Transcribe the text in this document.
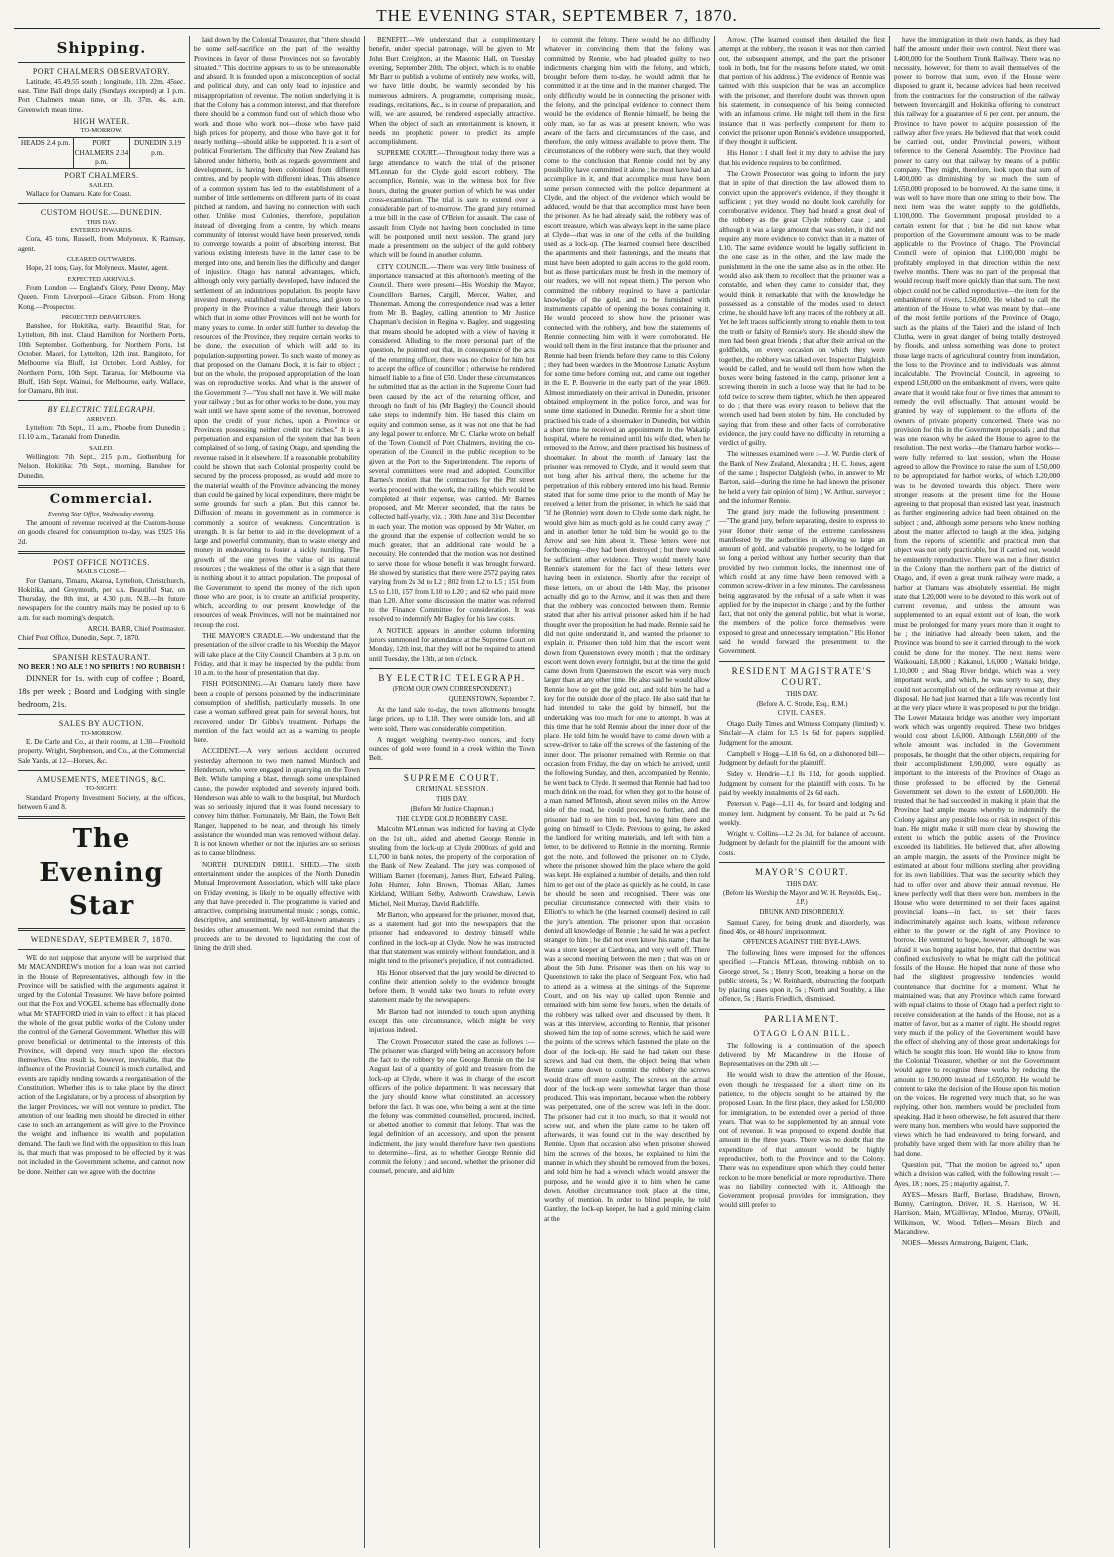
THE EVENING STAR, SEPTEMBER 7, 1870.
Shipping.
PORT CHALMERS OBSERVATORY.

Latitude, 45.49.55 south ; longitude, 11h. 22m. 45sec. east. Time Ball drops daily (Sundays excepted) at 1 p.m. Port Chalmers mean time, or 1h. 37m. 4s. a.m. Greenwich mean time.

HIGH WATER.
TO-MORROW.
HEADS 2.4 p.m.	PORT CHALMERS 2.34 p.m.
DUNEDIN 3.19 p.m.
PORT CHALMERS.
SAILED.

Wallace for Oamaru. Kate for Coast.

CUSTOM HOUSE.—DUNEDIN.
THIS DAY.
ENTERED INWARDS.

Cora, 45 tons, Russell, from Molyneux. K Ramsay, agent.

CLEARED OUTWARDS.

Hope, 21 tons, Gay, for Molyneux. Master, agent.

EXPECTED ARRIVALS.

From London — England's Glory, Peter Denny, May Queen. From Liverpool—Grace Gibson. From Hong Kong.—Prospector.

PROJECTED DEPARTURES.

Banshee, for Hokitika, early. Beautiful Star, for Lyttelton, 8th inst. Claud Hamilton for Northern Ports, 10th September. Gothenburg, for Northern Ports, 1st October. Maori, for Lyttelton, 12th inst. Rangitoto, for Melbourne via Bluff, 1st October. Lord Ashley, for Northern Ports, 10th Sept. Tararua, for Melbourne via Bluff, 16th Sept. Wainui, for Melbourne, early. Wallace, for Oamaru, 8th inst.

BY ELECTRIC TELEGRAPH.
ARRIVED.

Lyttelton: 7th Sept., 11 a.m., Phoebe from Dunedin ; 11.10 a.m., Taranaki from Dunedin.

SAILED.

Wellington: 7th Sept., 215 p.m., Gothenburg for Nelson. Hokitika: 7th Sept., morning, Banshee for Dunedin.

Commercial.
Evening Star Office, Wednesday evening.

The amount of revenue received at the Custom-house on goods cleared for consumption to-day, was £925 16s 2d.

POST OFFICE NOTICES.
MAILS CLOSE—

For Oamaru, Timaru, Akaroa, Lyttelton, Christchurch, Hokitika, and Greymouth, per s.s. Beautiful Star, on Thursday, the 8th inst, at 4.30 p.m. N.B.—In future newspapers for the country mails may be posted up to 6 a.m. for each morning's despatch.

ARCH. BARR, Chief Postmaster.
Chief Post Office, Dunedin, Sept. 7, 1870.
SPANISH RESTAURANT.
NO BEER ! NO ALE ! NO SPIRITS ! NO RUBBISH !

DINNER for 1s. with cup of coffee ; Board, 18s per week ; Board and Lodging with single bedroom, 21s.

SALES BY AUCTION.
TO-MORROW.

E. De Carle and Co., at their rooms, at 1.30—Freehold property. Wright, Stephenson, and Co., at the Commercial Sale Yards, at 12—Horses, &c.

AMUSEMENTS, MEETINGS, &C.
TO-NIGHT.

Standard Property Investment Society, at the offices, between 6 and 8.

The Evening Star
WEDNESDAY, SEPTEMBER 7, 1870.

WE do not suppose that anyone will be surprised that Mr MACANDREW's motion for a loan was not carried in the House of Representatives, although few in the Province will be satisfied with the arguments against it urged by the Colonial Treasurer. We have before pointed out that the Fox and VOGEL scheme has effectually done what Mr STAFFORD tried in vain to effect : it has placed the whole of the great public works of the Colony under the control of the General Government. Whether this will prove beneficial or detrimental to the interests of this Province, will depend very much upon the electors themselves. One result is, however, inevitable, that the influence of the Provincial Council is much curtailed, and events are rapidly tending towards a reorganisation of the Constitution. Whether this is to take place by the direct action of the Legislature, or by a process of absorption by the larger Provinces, we will not venture to predict. The attention of our leading men should be directed in either case to such an arrangement as will give to the Province the weight and influence its wealth and population demand. The fault we find with the opposition to this loan is, that much that was proposed to be effected by it was not included in the Government scheme, and cannot now be done. Neither can we agree with the doctrine

laid down by the Colonial Treasurer, that "there should be some self-sacrifice on the part of the wealthy Provinces in favor of those Provinces not so favorably situated." This doctrine appears to us to be unreasonable and absurd. It is founded upon a misconception of social and political duty, and can only lead to injustice and misappropriation of revenue. The notion underlying it is that the Colony has a common interest, and that therefore there should be a common fund out of which those who work and those who work not—those who have paid high prices for property, and those who have got it for nearly nothing—should alike be supported. It is a sort of political Fourierism. The difficulty that New Zealand has labored under hitherto, both as regards government and development, is having been colonised from different centres, and by people with different ideas. This absence of a common system has led to the establishment of a number of little settlements on different parts of its coast pitched at random, and having no connection with each other. Unlike most Colonies, therefore, population instead of diverging from a centre, by which means community of interest would have been preserved, tends to converge towards a point of absorbing interest. But various existing interests have in the latter case to be merged into one, and herein lies the difficulty and danger of injustice. Otago has natural advantages, which, although only very partially developed, have induced the settlement of an industrious population. Its people have invested money, established manufactures, and given to property in the Province a value through their labors which that in some other Provinces will not be worth for many years to come. In order still further to develop the resources of the Province, they require certain works to be done, the execution of which will add to its population-supporting power. To such waste of money as that proposed on the Oamaru Dock, it is fair to object ; but on the whole, the proposed appropriation of the loan was on reproductive works. And what is the answer of the Government ?—"You shall not have it. We will make your railway ; but as for other works to be done, you may wait until we have spent some of the revenue, borrowed upon the credit of your riches, upon a Province or Provinces possessing neither credit nor riches." It is a perpetuation and expansion of the system that has been complained of so long, of taxing Otago, and spending the revenue raised in it elsewhere. If a reasonable probability could be shown that each Colonial prosperity could be secured by the process proposed, as would add more to the material wealth of the Province advancing the money than could be gained by local expenditure, there might be some grounds for such a plan. But this cannot be. Diffusion of means in government as in commerce is commonly a source of weakness. Concentration is strength. It is far better to aid in the development of a large and powerful community, than to waste energy and money in endeavoring to foster a sickly nursling. The growth of the one proves the value of its natural resources ; the weakness of the other is a sign that there is nothing about it to attract population. The proposal of the Government to spend the money of the rich upon those who are poor, is to create an artificial prosperity, which, according to our present knowledge of the resources of weak Provinces, will not be maintained nor recoup the cost.

THE MAYOR'S CRADLE.—We understand that the presentation of the silver cradle to his Worship the Mayor will take place at the City Council Chambers at 3 p.m. on Friday, and that it may be inspected by the public from 10 a.m. to the hour of presentation that day.

FISH POISONING.—At Oamaru lately there have been a couple of persons poisoned by the indiscriminate consumption of shellfish, particularly mussels. In one case a woman suffered great pain for several hours, but recovered under Dr Gibbs's treatment. Perhaps the mention of the fact would act as a warning to people here.

ACCIDENT.—A very serious accident occurred yesterday afternoon to two men named Murdoch and Henderson, who were engaged in quarrying on the Town Belt. While tamping a blast, through some unexplained cause, the powder exploded and severely injured both. Henderson was able to walk to the hospital, but Murdoch was so seriously injured that it was found necessary to convey him thither. Fortunately, Mr Bain, the Town Belt Ranger, happened to be near, and through his timely assistance the wounded man was removed without delay. It is not known whether or not the injuries are so serious as to cause blindness.

NORTH DUNEDIN DRILL SHED.—The sixth entertainment under the auspices of the North Dunedin Mutual Improvement Association, which will take place on Friday evening, is likely to be equally effective with any that have preceded it. The programme is varied and attractive, comprising instrumental music ; songs, comic, descriptive, and sentimental, by well-known amateurs ; besides other amusement. We need not remind that the proceeds are to be devoted to liquidating the cost of lining the drill shed.

BENEFIT.—We understand that a complimentary benefit, under special patronage, will be given to Mr John Burt Creighton, at the Masonic Hall, on Tuesday evening, September 20th. The object, which is to enable Mr Barr to publish a volume of entirely new works, will, we have little doubt, be warmly seconded by his numerous admirers. A programme, comprising music, readings, recitations, &c., is in course of preparation, and will, we are assured, be rendered especially attractive. When the object of such an entertainment is known, it needs no prophetic power to predict its ample accomplishment.

SUPREME COURT.—Throughout today there was a large attendance to watch the trial of the prisoner M'Lennan for the Clyde gold escort robbery. The accomplice, Rennie, was in the witness box for five hours, during the greater portion of which he was under cross-examination. The trial is sure to extend over a considerable part of to-morrow. The grand jury returned a true bill in the case of O'Brien for assault. The case of assault from Clyde not having been concluded in time will be postponed until next session. The grand jury made a presentment on the subject of the gold robbery which will be found in another column.

CITY COUNCIL.—There was very little business of importance transacted at this afternoon's meeting of the Council. There were present—His Worship the Mayor, Councillors Barnes, Cargill, Mercer, Walter, and Thoneman. Among the correspondence read was a letter from Mr B. Bagley, calling attention to Mr Justice Chapman's decision in Regina v. Bagley, and suggesting that means should be adopted with a view of having it considered. Alluding to the more personal part of the question, he pointed out that, in consequence of the acts of the returning officer, there was no choice for him but to accept the office of councillor ; otherwise he rendered himself liable to a fine of £50. Under these circumstances he submitted that as the action in the Supreme Court had been caused by the act of the returning officer, and through no fault of his (Mr Bagley) the Council should take steps to indemnify him. He based this claim on equity and common sense, as it was not one that he had any legal power to enforce. Mr C. Clarke wrote on behalf of the Town Council of Port Chalmers, inviting the co-operation of the Council in the public reception to be given at the Port to the Superintendent. The reports of several committees were read and adopted. Councillor Barnes's motion that the contractors for the Pitt street works proceed with the work, the railing which would be completed at their expense, was carried. Mr Barnes proposed, and Mr Mercer seconded, that the rates be collected half-yearly, viz. : 30th June and 31st December in each year. The motion was opposed by Mr Walter, on the ground that the expense of collection would be so much greater, that an additional rate would be a necessity. He contended that the motion was not destined to serve those for whose benefit it was brought forward. He showed by statistics that there were 2572 paying rates varying from 2s 3d to L2 ; 802 from L2 to L5 ; 151 from L5 to L10, 157 from L10 to L20 ; and 62 who paid more than L20. After some discussion the matter was referred to the Finance Committee for consideration. It was resolved to indemnify Mr Bagley for his law costs.

A NOTICE appears in another column informing jurors summoned for attendance at the Supreme Court on Monday, 12th inst, that they will not be required to attend until Tuesday, the 13th, at ten o'clock.

BY ELECTRIC TELEGRAPH.
(FROM OUR OWN CORRESPONDENT.)
QUEENSTOWN, September 7.

At the land sale to-day, the town allotments brought large prices, up to L18. They were outside lots, and all were sold. There was considerable competition.

A nugget weighing twenty-two ounces, and forty ounces of gold were found in a creek within the Town Belt.

SUPREME COURT.
CRIMINAL SESSION.
THIS DAY.
(Before Mr Justice Chapman.)
THE CLYDE GOLD ROBBERY CASE.

Malcolm M'Lennan was indicted for having at Clyde on the 1st ult., aided and abetted George Rennie in stealing from the lock-up at Clyde 2000ozs of gold and L1,700 in bank notes, the property of the corporation of the Bank of New Zealand. The jury was composed of William Barnet (foreman), James Burt, Edward Paling, John Hunter, John Brown, Thomas Allan, James Kirkland, William Selby, Ashworth Crawshaw, Lewis Michel, Neil Murray, David Radcliffe.

Mr Barton, who appeared for the prisoner, moved that, as a statement had got into the newspapers that the prisoner had endeavored to destroy himself while confined in the lock-up at Clyde. Now he was instructed that that statement was entirely without foundation, and it might tend to the prisoner's prejudice, if not contradicted.

His Honor observed that the jury would be directed to confine their attention solely to the evidence brought before them. It would take two hours to refute every statement made by the newspapers.

Mr Barton had not intended to touch upon anything except this one circumstance, which might be very injurious indeed.

The Crown Prosecutor stated the case as follows :—The prisoner was charged with being an accessory before the fact to the robbery by one George Rennie on the 1st August last of a quantity of gold and treasure from the lock-up at Clyde, where it was in charge of the escort officers of the police department. It was necessary that the jury should know what constituted an accessory before the fact. It was one, who being a sent at the time the felony was committed counselled, procured, incited, or abetted another to commit that felony. That was the legal definition of an accessory, and upon the present indictment, the jury would therefore have two questions to determine—first, as to whether George Rennie did commit the felony ; and second, whether the prisoner did counsel, procure, and aid him

to commit the felony. There would be no difficulty whatever in convincing them that the felony was committed by Rennie, who had pleaded guilty to two indictments charging him with the felony, and which, brought before them to-day, he would admit that he committed it at the time and in the manner charged. The only difficulty would be in connecting the prisoner with the felony, and the principal evidence to connect them would be the evidence of Rennie himself, he being the only man, so far as was at present known, who was aware of the facts and circumstances of the case, and therefore, the only witness available to prove them. The circumstances of the robbery were such, that they would come to the conclusion that Rennie could not by any possibility have committed it alone ; he must have had an accomplice in it, and that accomplice must have been some person connected with the police department at Clyde, and the object of the evidence which would be adduced, would be that that accomplice must have been the prisoner. As he had already said, the robbery was of escort treasure, which was always kept in the same place at Clyde—that was in one of the cells of the building used as a lock-up. (The learned counsel here described the apartments and their fastenings, and the means that must have been adopted to gain access to the gold room, but as those particulars must be fresh in the memory of our readers, we will not repeat them.) The person who committed the robbery required to have a particular knowledge of the gold, and to be furnished with instruments capable of opening the boxes containing it. He would proceed to show how the prisoner was connected with the robbery, and how the statements of Rennie connecting him with it were corroborated. He would tell them in the first instance that the prisoner and Rennie had been friends before they came to this Colony ; they had been warders in the Montrose Lunatic Asylum for some time before coming out, and came out together in the E. P. Bouverie in the early part of the year 1869. Almost immediately on their arrival in Dunedin, prisoner obtained employment in the police force, and was for some time stationed in Dunedin. Rennie for a short time practised his trade of a shoemaker in Dunedin, but within a short time he received an appointment in the Wakatip hospital, where he remained until his wife died, when he removed to the Arrow, and there practised his business of shoemaker. In about the month of January last the prisoner was removed to Clyde, and it would seem that not long after his arrival there, the scheme for the perpetration of this robbery entered into his head. Rennie stated that for some time prior to the month of May he received a letter from the prisoner, in which he said that "if he (Rennie) went down to Clyde some dark night, he would give him as much gold as he could carry away ;" and in another letter he told him he would go to the Arrow and see him about it. These letters were not forthcoming—they had been destroyed ; but there would be sufficient other evidence. They would merely have Rennie's statement for the fact of these letters ever having been in existence. Shortly after the receipt of these letters, on or about the 14th May, the prisoner actually did go to the Arrow, and it was then and there that the robbery was concocted between them. Rennie stated that after his arrival prisoner asked him if he had thought over the proposition he had made. Rennie said he did not quite understand it, and wanted the prisoner to explain it. Prisoner then told him that the escort went down from Queenstown every month ; that the ordinary escort went down every fortnight, but at the time the gold came down from Queenstown the escort was very much larger than at any other time. He also said he would allow Rennie how to get the gold out, and told him he had a key for the outside door of the place. He also said that he had intended to take the gold by himself, but the undertaking was too much for one to attempt. It was at this time that he told Rennie about the inner door of the place. He told him he would have to come down with a screw-driver to take off the screws of the fastening of the inner door. The prisoner remained with Rennie on that occasion from Friday, the day on which he arrived, until the following Sunday, and then, accompanied by Rennie, he went back to Clyde. It seemed that Rennie had had too much drink on the road, for when they got to the house of a man named M'Intosh, about seven miles on the Arrow side of the road, he could proceed no further, and the prisoner had to see him to bed, having him there and going on himself to Clyde. Previous to going, he asked the landlord for writing materials, and left with him a letter, to be delivered to Rennie in the morning. Rennie got the note, and followed the prisoner on to Clyde, where the prisoner showed him the place where the gold was kept. He explained a number of details, and then told him to get out of the place as quickly as he could, in case he should be seen and recognised. There was one peculiar circumstance connected with their visits to Elliott's to which he (the learned counsel) desired to call the jury's attention. The prisoner upon that occasion denied all knowledge of Rennie ; he said he was a perfect stranger to him ; he did not even know his name ; that he was a store keeper at Cardrona, and very well off. There was a second meeting between the men ; that was on or about the 5th June. Prisoner was then on his way to Queenstown to take the place of Sergeant Fox, who had to attend as a witness at the sittings of the Supreme Court, and on his way up called upon Rennie and remained with him some few hours, when the details of the robbery was talked over and discussed by them. It was at this interview, according to Rennie, that prisoner showed him the top of some screws, which he said were the points of the screws which fastened the plate on the door of the lock-up. He said he had taken out these screws and had cut them, the object being that when Rennie came down to commit the robbery the screws would draw off more easily. The screws on the actual door of the lock-up were somewhat larger than those produced. This was important, because when the robbery was perpetrated, one of the screw was left in the door. The prisoner had cut it too much, so that it would not screw out, and when the plate came to be taken off afterwards, it was found cut in the way described by Rennie. Upon that occasion also when prisoner showed him the screws of the boxes, he explained to him the manner in which they should be removed from the boxes, and told him he had a wrench which would answer the purpose, and he would give it to him when he came down. Another circumstance took place at the time, worthy of mention. In order to blind people, he told Gantley, the lock-up keeper, he had a gold mining claim at the

Arrow. (The learned counsel then detailed the first attempt at the robbery, the reason it was not then carried out, the subsequent attempt, and the part the prisoner took in both, but for the reasons before stated, we omit that portion of his address.) The evidence of Rennie was tainted with this suspicion that he was an accomplice with the prisoner, and therefore doubt was thrown upon his statement, in consequence of his being connected with an infamous crime. He might tell them in the first instance that it was perfectly competent for them to convict the prisoner upon Rennie's evidence unsupported, if they thought it sufficient.

His Honor : I shall feel it my duty to advise the jury that his evidence requires to be confirmed.

The Crown Prosecutor was going to inform the jury that in spite of that direction the law allowed them to convict upon the approver's evidence, if they thought it sufficient ; yet they would no doubt look carefully for corroborative evidence. They had heard a great deal of the robbery as the great Clyde robbery case ; and although it was a large amount that was stolen, it did not require any more evidence to convict than in a matter of L10. The same evidence would be legally sufficient in the one case as in the other, and the law made the punishment in the one the same also as in the other. He would also ask them to recollect that the prisoner was a constable, and when they came to consider that, they would think it remarkable that with the knowledge he possessed as a constable of the modes used to detect crime, he should have left any traces of the robbery at all. Yet he left traces sufficiently strong to enable them to test the truth or falsity of Rennie's story. He should shew the men had been great friends ; that after their arrival on the goldfields, on every occasion on which they were together, the robbery was talked over. Inspector Dalgleish would be called, and he would tell them how when the boxes were being fastened in the camp, prisoner lent a screwing therein in such a loose way that he had to be told twice to screw them tighter, which he then appeared to do ; that there was every reason to believe that the wrench used had been stolen by him. He concluded by saying that from these and other facts of corroborative evidence, the jury could have no difficulty in returning a verdict of guilty.

The witnesses examined were :—J. W. Purdie clerk of the Bank of New Zealand, Alexandra ; H. C. Jones, agent of the same ; Inspector Dalgleish (who, in answer to Mr Barton, said—during the time he had known the prisoner he held a very fair opinion of him) ; W. Arthur, surveyor ; and the informer Rennie.

The grand jury made the following presentment :—"The grand jury, before separating, desire to express to your Honor their sense of the extreme carelessness manifested by the authorities in allowing so large an amount of gold, and valuable property, to be lodged for so long a period without any further security than that provided by two common locks, the innermost one of which could at any time have been removed with a common screw-driver in a few minutes. The carelessness being aggravated by the refusal of a safe when it was applied for by the inspector in charge ; and by the further fact, that not only the general public, but what is worse, the members of the police force themselves were exposed to great and unnecessary temptation." His Honor said he would forward the presentment to the Government.

RESIDENT MAGISTRATE'S COURT.
THIS DAY.
(Before A. C. Strode, Esq., R.M.)
CIVIL CASES.

Otago Daily Times and Witness Company (limited) v. Sinclair—A claim for L5 1s 6d for papers supplied. Judgment for the amount.

Campbell v Hogg—L18 6s 6d, on a dishonored bill—Judgment by default for the plaintiff.

Sidey v. Hendrie—L1 8s 11d, for goods supplied. Judgment by consent for the plaintiff with costs. To be paid by weekly instalments of 2s 6d each.

Peterson v. Page—L11 4s, for board and lodging and money lent. Judgment by consent. To be paid at 7s 6d weekly.

Wright v. Collins—L2 2s 3d, for balance of account. Judgment by default for the plaintiff for the amount with costs.

MAYOR'S COURT.
THIS DAY.
(Before his Worship the Mayor and W. H. Reynolds, Esq., J.P.)
DRUNK AND DISORDERLY.

Samuel Carey, for being drunk and disorderly, was fined 40s, or 48 hours' imprisonment.

OFFENCES AGAINST THE BYE-LAWS.

The following fines were imposed for the offences specified :—Francis M'Lean, throwing rubbish on to George street, 5s ; Henry Scott, breaking a horse on the public streets, 5s ; W. Reinhardt, obstructing the footpath by placing cases upon it, 5s ; North and Southby, a like offence, 5s ; Harris Friedlich, dismissed.

PARLIAMENT.
OTAGO LOAN BILL.

The following is a continuation of the speech delivered by Mr Macandrew in the House of Representatives on the 29th ult :—

He would wish to draw the attention of the House, even though he trespassed for a short time on its patience, to the objects sought to be attained by the proposed Loan. In the first place, they asked for L50,000 for immigration, to be extended over a period of three years. That was to be supplemented by an annual vote out of revenue. It was proposed to expend double that amount in the three years. There was no doubt that the expenditure of that amount would be highly reproductive, both to the Province and to the Colony. There was no expenditure upon which they could better reckon to be more beneficial or more reproductive. There was no liability connected with it. Although the Government proposal provides for immigration, they would still prefer to

have the immigration in their own hands, as they had half the amount under their own control. Next there was L400,000 for the Southern Trunk Railway. There was no necessity, however, for them to avail themselves of the power to borrow that sum, even if the House were disposed to grant it, because advices had been received from the contractors for the construction of the railway between Invercargill and Hokitika offering to construct this railway for a guarantee of 6 per cent. per annum, the Province to have power to acquire possession of the railway after five years. He believed that that work could be carried out, under Provincial powers, without reference to the General Assembly. The Province had power to carry out that railway by means of a public company. They might, therefore, look upon that sum of L400,000 as diminishing by so much the sum of L650,000 proposed to be borrowed. At the same time, it was well to have more than one string to their bow. The next item was the water supply to the goldfields, L100,000. The Government proposal provided to a certain extent for that ; but he did not know what proportion of the Government amount was to be made applicable to the Province of Otago. The Provincial Council were of opinion that L100,000 might be profitably employed in that direction within the next twelve months. There was no part of the proposal that would recoup itself more quickly than that sum. The next object could not be called reproductive—the item for the embankment of rivers, L50,000. He wished to call the attention of the House to what was meant by that—one of the most fertile portions of the Province of Otago, such as the plains of the Taieri and the island of Inch Clutha, were in great danger of being totally destroyed by floods, and unless something was done to protect those large tracts of agricultural country from inundation, the loss to the Province and to individuals was almost incalculable. The Provincial Council, in agreeing to expend L50,000 on the embankment of rivers, were quite aware that it would take four or five times that amount to remedy the evil effectually. That amount would be granted by way of supplement to the efforts of the owners of private property concerned. There was no provision for this in the Government proposals ; and that was one reason why he asked the House to agree to the resolution. The next works—the Oamaru harbor works—were fully referred to last session, when the House agreed to allow the Province to raise the sum of L50,000 to be appropriated for harbor works, of which L20,000 was to be devoted towards this object. There were stronger reasons at the present time for the House agreeing to that proposal than existed last year, inasmuch as further engineering advice had been obtained on the subject ; and, although some persons who knew nothing about the matter affected to laugh at the idea, judging from the reports of scientific and practical men that object was not only practicable, but if carried out, would be eminently reproductive. There was not a finer district in the Colony than the northern part of the district of Otago, and, if even a great trunk railway were made, a harbor at Oamaru was absolutely essential. He might state that L20,000 were to be devoted to this work out of current revenue, and unless the amount was supplemented to an equal extent out of loan, the work must be prolonged for many years more than it ought to be ; the initiative had already been taken, and the Province was bound to see it carried through to the work could be done for the money. The next items were Waikouaiti, L8,000 ; Kakanui, L6,000 ; Waitaki bridge, L10,000 ; and Shag River bridge, which was a very important work, and which, he was sorry to say, they could not accomplish out of the ordinary revenue at their disposal. He had just learned that a life was recently lost at the very place where it was proposed to put the bridge. The Lower Mataura bridge was another very important work which was urgently required. These two bridges would cost about L6,000. Although L560,000 of the whole amount was included in the Government proposals, he thought that the other objects, requiring for their accomplishment L90,000, were equally as important to the interests of the Province of Otago as those professed to be effected by the General Government set down to the extent of L600,000. He trusted that he had succeeded in making it plain that the Province had ample means whereby to indemnify the Colony against any possible loss or risk in respect of this loan. He might make it still more clear by showing the extent to which the public assets of the Province exceeded its liabilities. He believed that, after allowing an ample margin, the assets of the Province might be estimated at about four millions sterling after providing for its own liabilities. That was the security which they had to offer over and above their annual revenue. He knew perfectly well that there were hon. members in the House who were determined to set their faces against provincial loans—in fact, to set their faces indiscriminately against such loans, without reference either to the power or the right of any Province to borrow. He ventured to hope, however, although he was afraid it was hoping against hope, that that doctrine was confined exclusively to what he might call the political fossils of the House. He hoped that none of those who had the slightest progressive tendencies would countenance that doctrine for a moment. What he maintained was, that any Province which came forward with equal claims to those of Otago had a perfect right to receive consideration at the hands of the House, not as a matter of favor, but as a matter of right. He should regret very much if the policy of the Government would have the effect of shelving any of those great undertakings for which he sought this loan. He would like to know from the Colonial Treasurer, whether or not the Government would agree to recognise these works by reducing the amount to L90,000 instead of L650,000. He would be content to take the decision of the House upon his motion on the voices. He regretted very much that, so he was replying, other hon. members would be precluded from speaking. Had it been otherwise, he felt assured that there were many hon. members who would have supported the views which he had endeavored to bring forward, and probably have urged them with far more ability than he had done.

Question put, "That the motion be agreed to," upon which a division was called, with the following result :—Ayes, 18 ; noes, 25 ; majority against, 7.

AYES—Messrs Barff, Borlase, Bradshaw, Brown, Bunny, Carrington, Driver, H. S. Harrison, W. H. Harrison, Main, M'Gillivray, M'Indoe, Murray, O'Neill, Wilkinson, W. Wood. Tellers—Messrs Birch and Macandrew.

NOES—Messrs Armstrong, Baigent, Clark,
